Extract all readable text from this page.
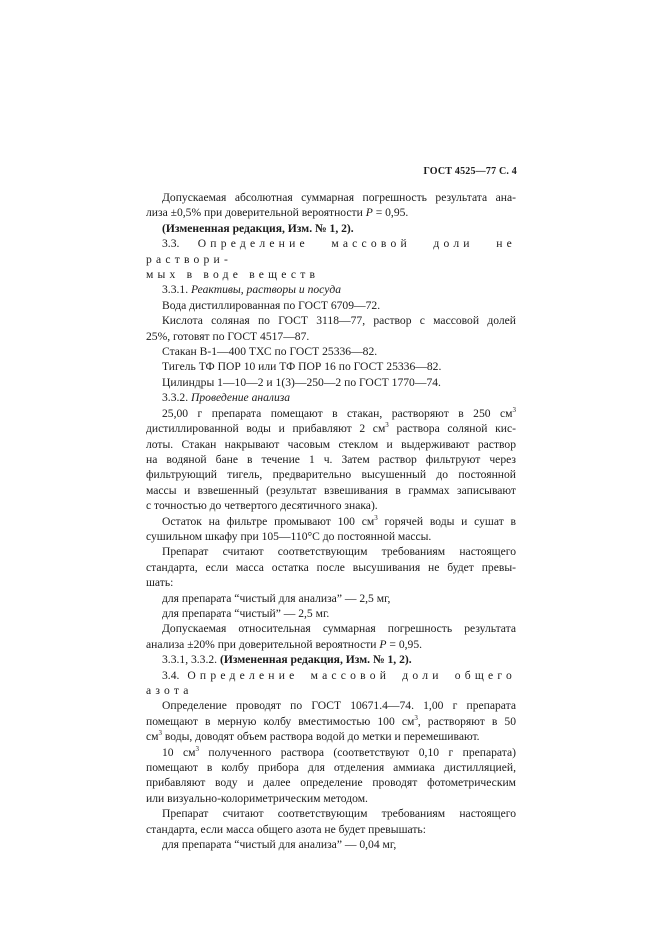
ГОСТ 4525—77 С. 4

Допускаемая абсолютная суммарная погрешность результата ана-

лиза ±0,5% при доверительной вероятности P = 0,95.

(Измененная редакция, Изм. № 1, 2).

3.3. Определение массовой доли не раствори-

мых в воде веществ

3.3.1. Реактивы, растворы и посуда

Вода дистиллированная по ГОСТ 6709—72.

Кислота соляная по ГОСТ 3118—77, раствор с массовой долей

25%, готовят по ГОСТ 4517—87.

Стакан В-1—400 ТХС по ГОСТ 25336—82.

Тигель ТФ ПОР 10 или ТФ ПОР 16 по ГОСТ 25336—82.

Цилиндры 1—10—2 и 1(3)—250—2 по ГОСТ 1770—74.

3.3.2. Проведение анализа

25,00 г препарата помещают в стакан, растворяют в 250 $см^3$

дистиллированной воды и прибавляют 2 $см^3$ раствора соляной кис-

лоты. Стакан накрывают часовым стеклом и выдерживают раствор

на водяной бане в течение 1 ч. Затем раствор фильтруют через

фильтрующий тигель, предварительно высушенный до постоянной

массы и взвешенный (результат взвешивания в граммах записывают

с точностью до четвертого десятичного знака).

Остаток на фильтре промывают 100 $см^3$ горячей воды и сушат в

сушильном шкафу при 105—110°С до постоянной массы.

Препарат считают соответствующим требованиям настоящего

стандарта, если масса остатка после высушивания не будет превы-

шать:

для препарата “чистый для анализа” — 2,5 мг,

для препарата “чистый” — 2,5 мг.

Допускаемая относительная суммарная погрешность результата

анализа ±20% при доверительной вероятности P = 0,95.

3.3.1, 3.3.2. (Измененная редакция, Изм. № 1, 2).

3.4. Определение массовой доли общего азота

Определение проводят по ГОСТ 10671.4—74. 1,00 г препарата

помещают в мерную колбу вместимостью 100 $см^3$, растворяют в 50

$см^3$ воды, доводят объем раствора водой до метки и перемешивают.

10 $см^3$ полученного раствора (соответствуют 0,10 г препарата)

помещают в колбу прибора для отделения аммиака дистилляцией,

прибавляют воду и далее определение проводят фотометрическим

или визуально-колориметрическим методом.

Препарат считают соответствующим требованиям настоящего

стандарта, если масса общего азота не будет превышать:

для препарата “чистый для анализа” — 0,04 мг,
